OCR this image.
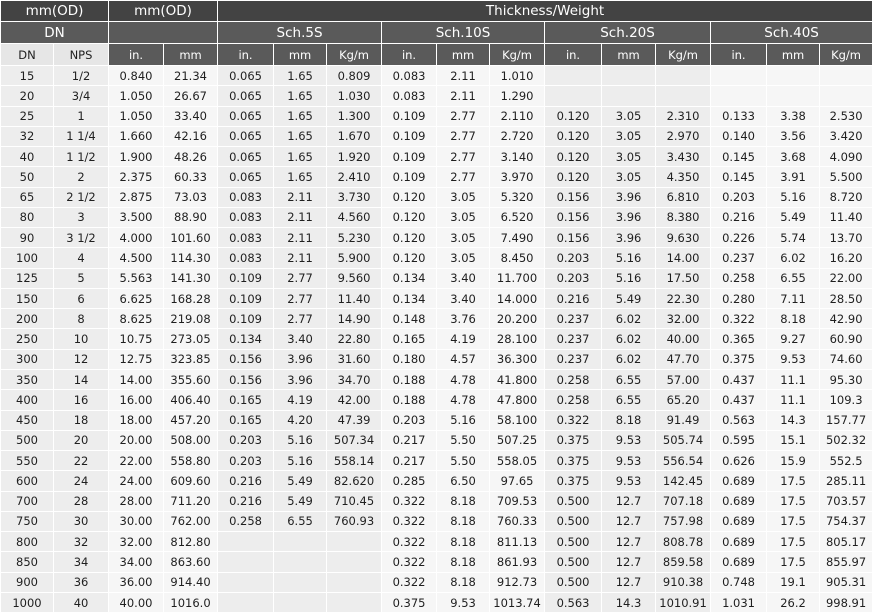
mm(OD)		mm(OD)		Thickness/Weight											
DN				Sch.5S			Sch.10S			Sch.20S			Sch.40S		
DN	NPS	in.	mm	in.	mm	Kg/m	in.	mm	Kg/m	in.	mm	Kg/m	in.	mm	Kg/m
15	1/2	0.840	21.34	0.065	1.65	0.809	0.083	2.11	1.010						
20	3/4	1.050	26.67	0.065	1.65	1.030	0.083	2.11	1.290						
25	1	1.050	33.40	0.065	1.65	1.300	0.109	2.77	2.110	0.120	3.05	2.310	0.133	3.38	2.530
32	1 1/4	1.660	42.16	0.065	1.65	1.670	0.109	2.77	2.720	0.120	3.05	2.970	0.140	3.56	3.420
40	1 1/2	1.900	48.26	0.065	1.65	1.920	0.109	2.77	3.140	0.120	3.05	3.430	0.145	3.68	4.090
50	2	2.375	60.33	0.065	1.65	2.410	0.109	2.77	3.970	0.120	3.05	4.350	0.145	3.91	5.500
65	2 1/2	2.875	73.03	0.083	2.11	3.730	0.120	3.05	5.320	0.156	3.96	6.810	0.203	5.16	8.720
80	3	3.500	88.90	0.083	2.11	4.560	0.120	3.05	6.520	0.156	3.96	8.380	0.216	5.49	11.40
90	3 1/2	4.000	101.60	0.083	2.11	5.230	0.120	3.05	7.490	0.156	3.96	9.630	0.226	5.74	13.70
100	4	4.500	114.30	0.083	2.11	5.900	0.120	3.05	8.450	0.203	5.16	14.00	0.237	6.02	16.20
125	5	5.563	141.30	0.109	2.77	9.560	0.134	3.40	11.700	0.203	5.16	17.50	0.258	6.55	22.00
150	6	6.625	168.28	0.109	2.77	11.40	0.134	3.40	14.000	0.216	5.49	22.30	0.280	7.11	28.50
200	8	8.625	219.08	0.109	2.77	14.90	0.148	3.76	20.200	0.237	6.02	32.00	0.322	8.18	42.90
250	10	10.75	273.05	0.134	3.40	22.80	0.165	4.19	28.100	0.237	6.02	40.00	0.365	9.27	60.90
300	12	12.75	323.85	0.156	3.96	31.60	0.180	4.57	36.300	0.237	6.02	47.70	0.375	9.53	74.60
350	14	14.00	355.60	0.156	3.96	34.70	0.188	4.78	41.800	0.258	6.55	57.00	0.437	11.1	95.30
400	16	16.00	406.40	0.165	4.19	42.00	0.188	4.78	47.800	0.258	6.55	65.20	0.437	11.1	109.3
450	18	18.00	457.20	0.165	4.20	47.39	0.203	5.16	58.100	0.322	8.18	91.49	0.563	14.3	157.77
500	20	20.00	508.00	0.203	5.16	507.34	0.217	5.50	507.25	0.375	9.53	505.74	0.595	15.1	502.32
550	22	22.00	558.80	0.203	5.16	558.14	0.217	5.50	558.05	0.375	9.53	556.54	0.626	15.9	552.5
600	24	24.00	609.60	0.216	5.49	82.620	0.285	6.50	97.65	0.375	9.53	142.45	0.689	17.5	285.11
700	28	28.00	711.20	0.216	5.49	710.45	0.322	8.18	709.53	0.500	12.7	707.18	0.689	17.5	703.57
750	30	30.00	762.00	0.258	6.55	760.93	0.322	8.18	760.33	0.500	12.7	757.98	0.689	17.5	754.37
800	32	32.00	812.80				0.322	8.18	811.13	0.500	12.7	808.78	0.689	17.5	805.17
850	34	34.00	863.60				0.322	8.18	861.93	0.500	12.7	859.58	0.689	17.5	855.97
900	36	36.00	914.40				0.322	8.18	912.73	0.500	12.7	910.38	0.748	19.1	905.31
1000	40	40.00	1016.0				0.375	9.53	1013.74	0.563	14.3	1010.91	1.031	26.2	998.91
